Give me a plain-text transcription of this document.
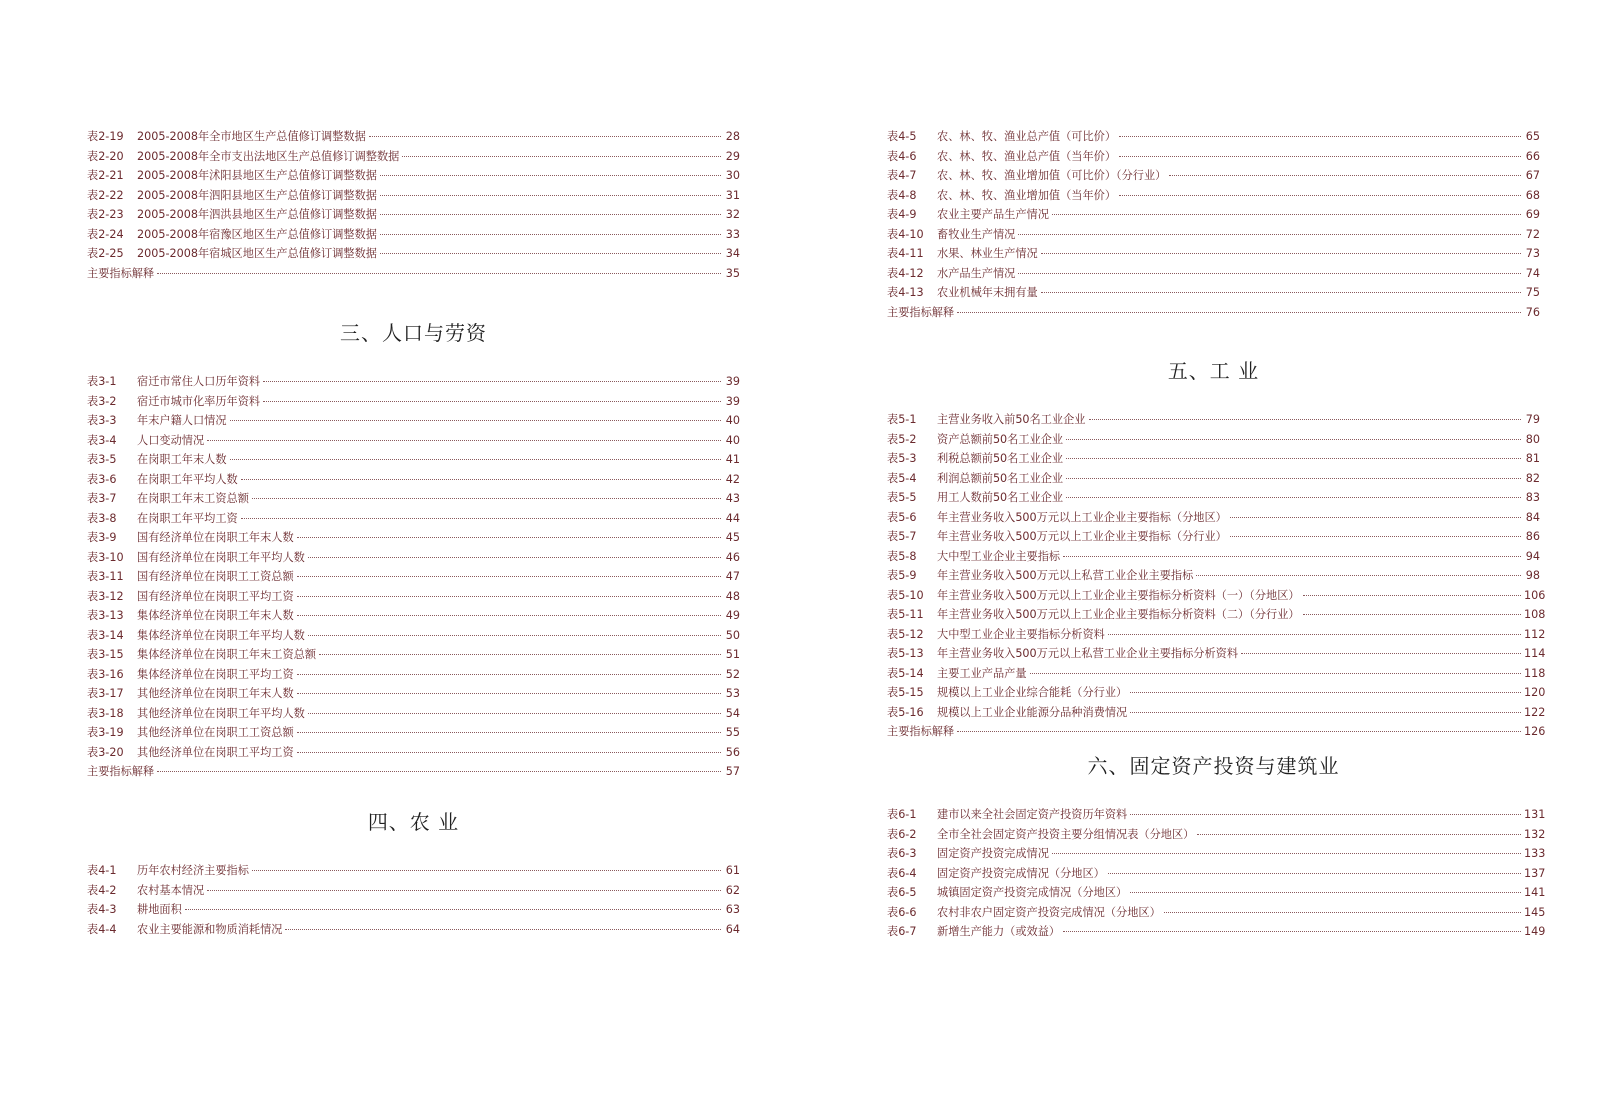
表2-19	2005-2008年全市地区生产总值修订调整数据	28
表2-20	2005-2008年全市支出法地区生产总值修订调整数据	29
表2-21	2005-2008年沭阳县地区生产总值修订调整数据	30
表2-22	2005-2008年泗阳县地区生产总值修订调整数据	31
表2-23	2005-2008年泗洪县地区生产总值修订调整数据	32
表2-24	2005-2008年宿豫区地区生产总值修订调整数据	33
表2-25	2005-2008年宿城区地区生产总值修订调整数据	34
主要指标解释	35
三、人口与劳资
表3-1	宿迁市常住人口历年资料	39
表3-2	宿迁市城市化率历年资料	39
表3-3	年末户籍人口情况	40
表3-4	人口变动情况	40
表3-5	在岗职工年末人数	41
表3-6	在岗职工年平均人数	42
表3-7	在岗职工年末工资总额	43
表3-8	在岗职工年平均工资	44
表3-9	国有经济单位在岗职工年末人数	45
表3-10	国有经济单位在岗职工年平均人数	46
表3-11	国有经济单位在岗职工工资总额	47
表3-12	国有经济单位在岗职工平均工资	48
表3-13	集体经济单位在岗职工年末人数	49
表3-14	集体经济单位在岗职工年平均人数	50
表3-15	集体经济单位在岗职工年末工资总额	51
表3-16	集体经济单位在岗职工平均工资	52
表3-17	其他经济单位在岗职工年末人数	53
表3-18	其他经济单位在岗职工年平均人数	54
表3-19	其他经济单位在岗职工工资总额	55
表3-20	其他经济单位在岗职工平均工资	56
主要指标解释	57
四、农 业
表4-1	历年农村经济主要指标	61
表4-2	农村基本情况	62
表4-3	耕地面积	63
表4-4	农业主要能源和物质消耗情况	64
表4-5	农、林、牧、渔业总产值（可比价）	65
表4-6	农、林、牧、渔业总产值（当年价）	66
表4-7	农、林、牧、渔业增加值（可比价）（分行业）	67
表4-8	农、林、牧、渔业增加值（当年价）	68
表4-9	农业主要产品生产情况	69
表4-10	畜牧业生产情况	72
表4-11	水果、林业生产情况	73
表4-12	水产品生产情况	74
表4-13	农业机械年末拥有量	75
主要指标解释	76
五、工 业
表5-1	主营业务收入前50名工业企业	79
表5-2	资产总额前50名工业企业	80
表5-3	利税总额前50名工业企业	81
表5-4	利润总额前50名工业企业	82
表5-5	用工人数前50名工业企业	83
表5-6	年主营业务收入500万元以上工业企业主要指标（分地区）	84
表5-7	年主营业务收入500万元以上工业企业主要指标（分行业）	86
表5-8	大中型工业企业主要指标	94
表5-9	年主营业务收入500万元以上私营工业企业主要指标	98
表5-10	年主营业务收入500万元以上工业企业主要指标分析资料（一）（分地区）	106
表5-11	年主营业务收入500万元以上工业企业主要指标分析资料（二）（分行业）	108
表5-12	大中型工业企业主要指标分析资料	112
表5-13	年主营业务收入500万元以上私营工业企业主要指标分析资料	114
表5-14	主要工业产品产量	118
表5-15	规模以上工业企业综合能耗（分行业）	120
表5-16	规模以上工业企业能源分品种消费情况	122
主要指标解释	126
六、固定资产投资与建筑业
表6-1	建市以来全社会固定资产投资历年资料	131
表6-2	全市全社会固定资产投资主要分组情况表（分地区）	132
表6-3	固定资产投资完成情况	133
表6-4	固定资产投资完成情况（分地区）	137
表6-5	城镇固定资产投资完成情况（分地区）	141
表6-6	农村非农户固定资产投资完成情况（分地区）	145
表6-7	新增生产能力（或效益）	149
